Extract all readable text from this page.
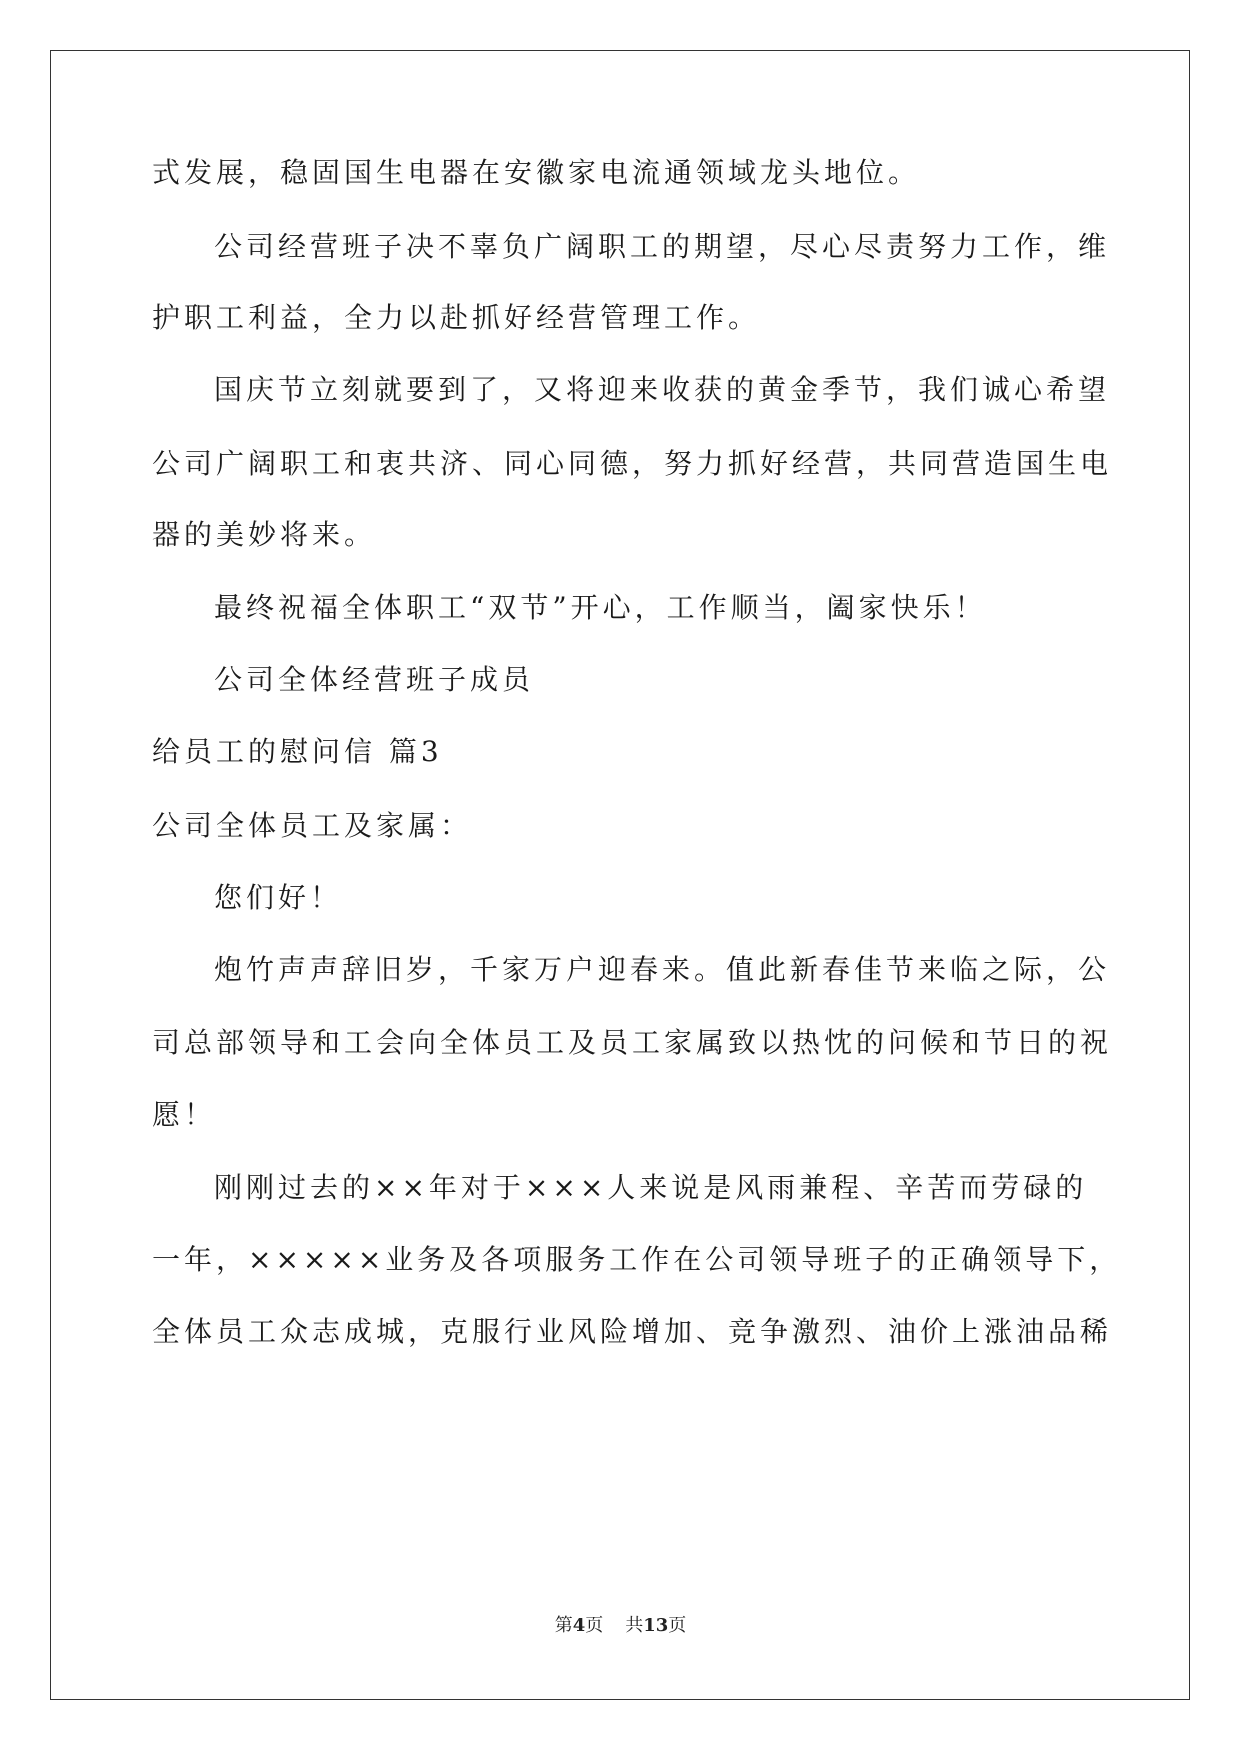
式发展，稳固国生电器在安徽家电流通领域龙头地位。
公司经营班子决不辜负广阔职工的期望，尽心尽责努力工作，维
护职工利益，全力以赴抓好经营管理工作。
国庆节立刻就要到了，又将迎来收获的黄金季节，我们诚心希望
公司广阔职工和衷共济、同心同德，努力抓好经营，共同营造国生电
器的美妙将来。
最终祝福全体职工“双节”开心，工作顺当，阖家快乐！
公司全体经营班子成员
给员工的慰问信 篇3
公司全体员工及家属：
您们好！
炮竹声声辞旧岁，千家万户迎春来。值此新春佳节来临之际，公
司总部领导和工会向全体员工及员工家属致以热忱的问候和节日的祝
愿！
刚刚过去的××年对于×××人来说是风雨兼程、辛苦而劳碌的
一年，×××××业务及各项服务工作在公司领导班子的正确领导下，
全体员工众志成城，克服行业风险增加、竞争激烈、油价上涨油品稀
第4页 共13页
